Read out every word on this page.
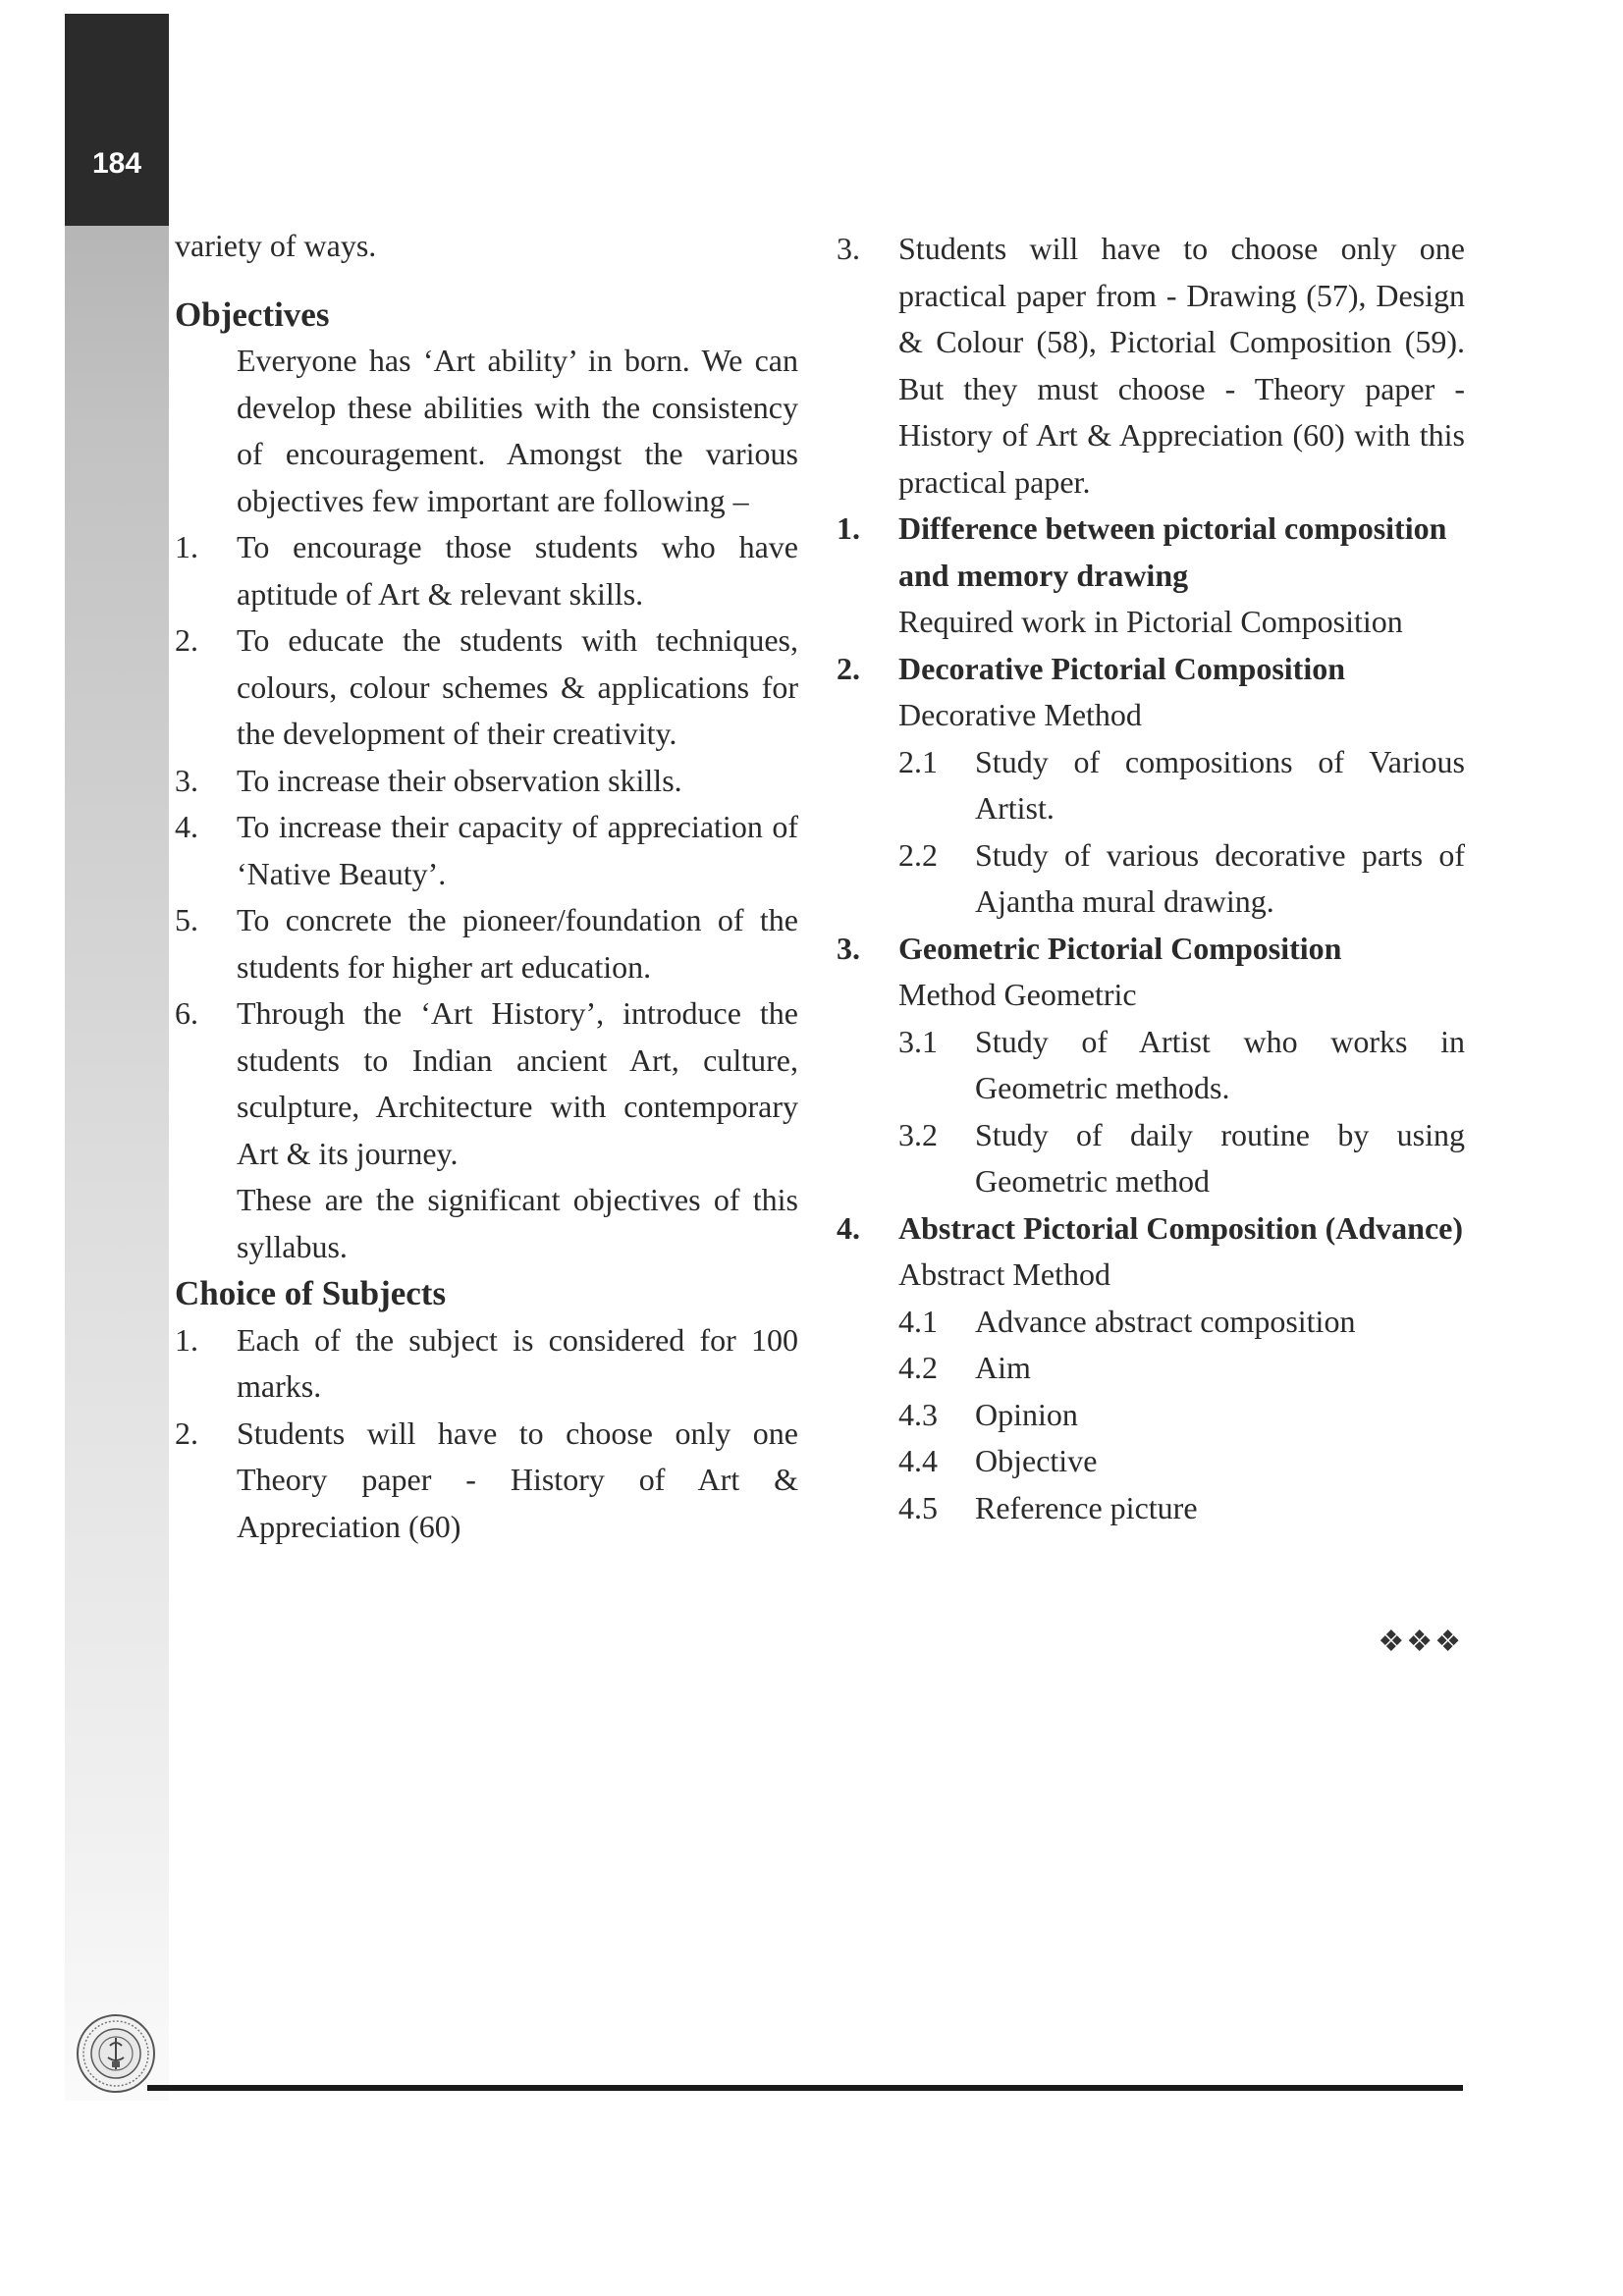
184

variety of ways.

Objectives

Everyone has ‘Art ability’ in born. We can develop these abilities with the consistency of encouragement. Amongst the various objectives few important are following –

1.	To encourage those students who have aptitude of Art & relevant skills.
2.	To educate the students with techniques, colours, colour schemes & applications for the development of their creativity.
3.	To increase their observation skills.
4.	To increase their capacity of appreciation of ‘Native Beauty’.
5.	To concrete the pioneer/foundation of the students for higher art education.
6.	Through the ‘Art History’, introduce the students to Indian ancient Art, culture, sculpture, Architecture with contemporary Art & its journey.

These are the significant objectives of this syllabus.

Choice of Subjects
1.	Each of the subject is considered for 100 marks.
2.	Students will have to choose only one Theory paper - History of Art & Appreciation (60)
3.	Students will have to choose only one practical paper from - Drawing (57), Design & Colour (58), Pictorial Composition (59). But they must choose - Theory paper - History of Art & Appreciation (60) with this practical paper.
1.	Difference between pictorial composition and memory drawing

Required work in Pictorial Composition

2.	Decorative Pictorial Composition

Decorative Method

2.1	Study of compositions of Various Artist.
2.2	Study of various decorative parts of Ajantha mural drawing.
3.	Geometric Pictorial Composition

Method Geometric

3.1	Study of Artist who works in Geometric methods.
3.2	Study of daily routine by using Geometric method
4.	Abstract Pictorial Composition (Advance)

Abstract Method

4.1	Advance abstract composition
4.2	Aim
4.3	Opinion
4.4	Objective
4.5	Reference picture
❖❖❖
